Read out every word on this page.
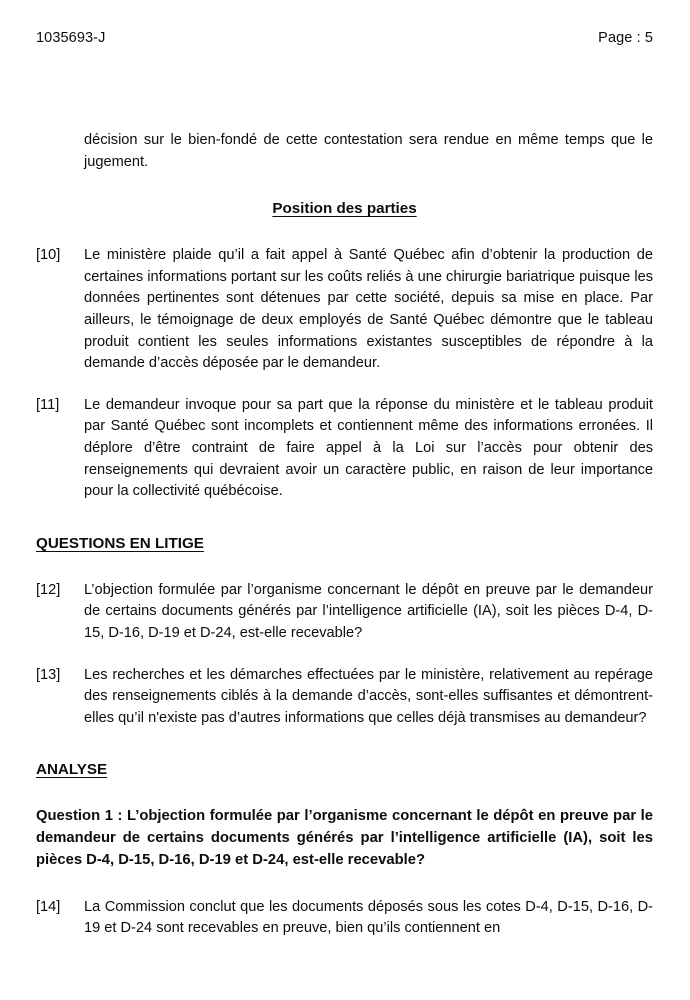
1035693-J	Page : 5

décision sur le bien-fondé de cette contestation sera rendue en même temps que le jugement.

Position des parties

[10]	Le ministère plaide qu’il a fait appel à Santé Québec afin d’obtenir la production de certaines informations portant sur les coûts reliés à une chirurgie bariatrique puisque les données pertinentes sont détenues par cette société, depuis sa mise en place. Par ailleurs, le témoignage de deux employés de Santé Québec démontre que le tableau produit contient les seules informations existantes susceptibles de répondre à la demande d’accès déposée par le demandeur.

[11]	Le demandeur invoque pour sa part que la réponse du ministère et le tableau produit par Santé Québec sont incomplets et contiennent même des informations erronées. Il déplore d’être contraint de faire appel à la Loi sur l’accès pour obtenir des renseignements qui devraient avoir un caractère public, en raison de leur importance pour la collectivité québécoise.

QUESTIONS EN LITIGE

[12]	L’objection formulée par l’organisme concernant le dépôt en preuve par le demandeur de certains documents générés par l’intelligence artificielle (IA), soit les pièces D-4, D-15, D-16, D-19 et D-24, est-elle recevable?

[13]	Les recherches et les démarches effectuées par le ministère, relativement au repérage des renseignements ciblés à la demande d’accès, sont-elles suffisantes et démontrent-elles qu’il n'existe pas d’autres informations que celles déjà transmises au demandeur?

ANALYSE

Question 1 : L’objection formulée par l’organisme concernant le dépôt en preuve par le demandeur de certains documents générés par l’intelligence artificielle (IA), soit les pièces D-4, D-15, D-16, D-19 et D-24, est-elle recevable?

[14]	La Commission conclut que les documents déposés sous les cotes D-4, D-15, D-16, D-19 et D-24 sont recevables en preuve, bien qu’ils contiennent en
